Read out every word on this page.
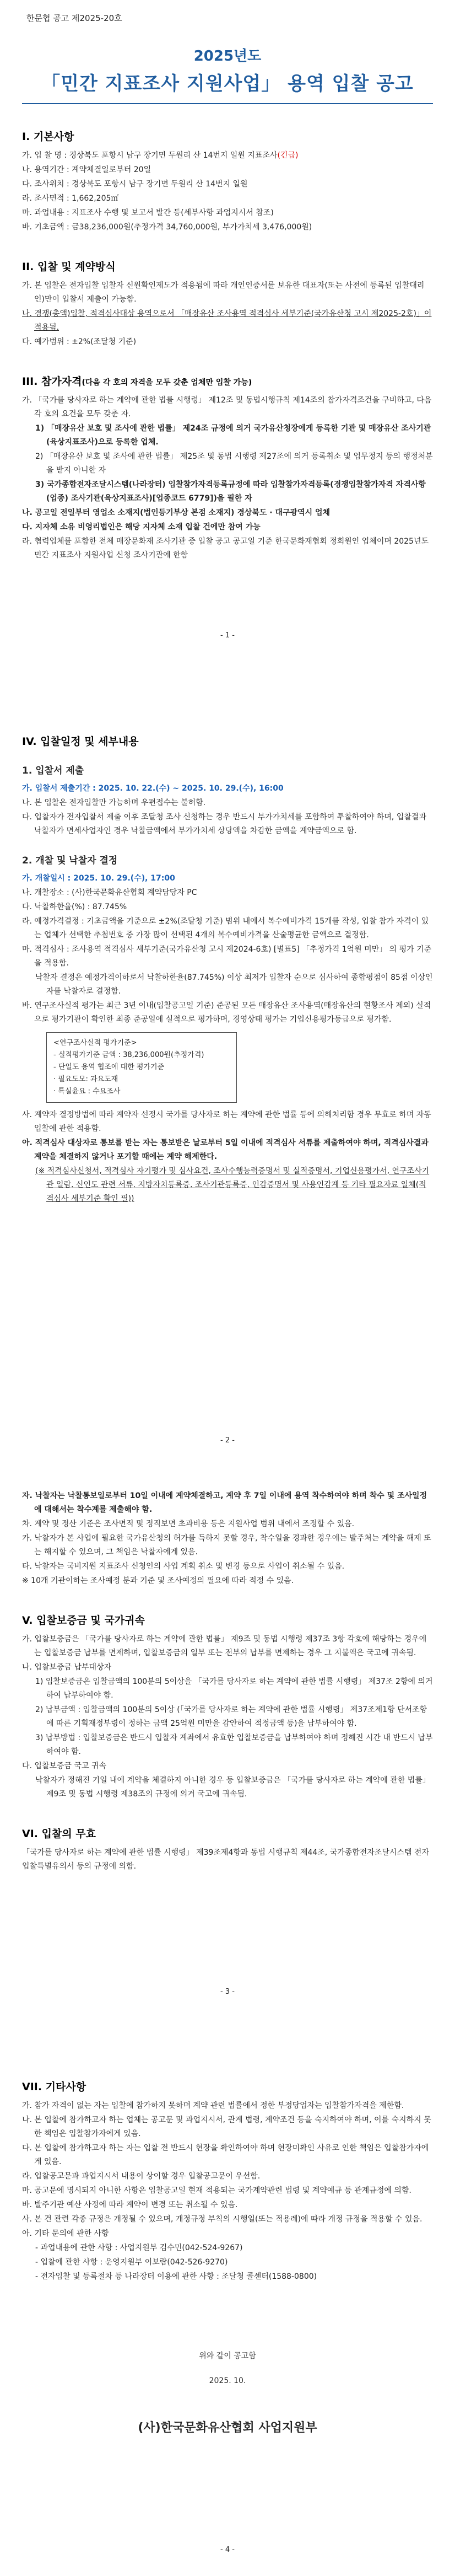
한문협 공고 제2025-20호
2025년도
「민간 지표조사 지원사업」 용역 입찰 공고
I. 기본사항
가. 입 찰 명 : 경상북도 포항시 남구 장기면 두원리 산 14번지 일원 지표조사(긴급)
나. 용역기간 : 계약체결일로부터 20일
다. 조사위치 : 경상북도 포항시 남구 장기면 두원리 산 14번지 일원
라. 조사면적 : 1,662,205㎡
마. 과업내용 : 지표조사 수행 및 보고서 발간 등(세부사항 과업지시서 참조)
바. 기초금액 : 금38,236,000원(추정가격 34,760,000원, 부가가치세 3,476,000원)
II. 입찰 및 계약방식
가. 본 입찰은 전자입찰 입찰자 신원확인제도가 적용됨에 따라 개인인증서를 보유한 대표자(또는 사전에 등록된 입찰대리인)만이 입찰서 제출이 가능함.
나. 경쟁(총액)입찰, 적격심사대상 용역으로서 「매장유산 조사용역 적격심사 세부기준(국가유산청 고시 제2025-2호)」이 적용됨.
다. 예가범위 : ±2%(조달청 기준)
III. 참가자격(다음 각 호의 자격을 모두 갖춘 업체만 입찰 가능)
가. 「국가를 당사자로 하는 계약에 관한 법률 시행령」 제12조 및 동법시행규칙 제14조의 참가자격조건을 구비하고, 다음 각 호의 요건을 모두 갖춘 자.
1) 「매장유산 보호 및 조사에 관한 법률」 제24조 규정에 의거 국가유산청장에게 등록한 기관 및 매장유산 조사기관(육상지표조사)으로 등록한 업체.
2) 「매장유산 보호 및 조사에 관한 법률」 제25조 및 동법 시행령 제27조에 의거 등록취소 및 업무정지 등의 행정처분을 받지 아니한 자
3) 국가종합전자조달시스템(나라장터) 입찰참가자격등록규정에 따라 입찰참가자격등록(경쟁입찰참가자격 자격사항(업종) 조사기관(육상지표조사)[업종코드 6779])을 필한 자
나. 공고일 전일부터 영업소 소재지(법인등기부상 본점 소재지) 경상북도 · 대구광역시 업체
다. 지자체 소유 비영리법인은 해당 지자체 소재 입찰 건에만 참여 가능
라. 협력업체를 포함한 전체 매장문화재 조사기관 중 입찰 공고 공고일 기준 한국문화재협회 정회원인 업체이며 2025년도 민간 지표조사 지원사업 신청 조사기관에 한함
- 1 -
IV. 입찰일정 및 세부내용
1. 입찰서 제출
가. 입찰서 제출기간 : 2025. 10. 22.(수) ~ 2025. 10. 29.(수), 16:00
나. 본 입찰은 전자입찰만 가능하며 우편접수는 불허함.
다. 입찰자가 전자입찰서 제출 이후 조달청 조사 신청하는 경우 반드시 부가가치세를 포함하여 투찰하여야 하며, 입찰결과 낙찰자가 면세사업자인 경우 낙찰금액에서 부가가치세 상당액을 차감한 금액을 계약금액으로 함.
2. 개찰 및 낙찰자 결정
가. 개찰일시 : 2025. 10. 29.(수), 17:00
나. 개찰장소 : (사)한국문화유산협회 계약담당자 PC
다. 낙찰하한율(%) : 87.745%
라. 예정가격결정 : 기초금액을 기준으로 ±2%(조달청 기준) 범위 내에서 복수예비가격 15개를 작성, 입찰 참가 자격이 있는 업체가 선택한 추첨번호 중 가장 많이 선택된 4개의 복수예비가격을 산술평균한 금액으로 결정함.
마. 적격심사 : 조사용역 적격심사 세부기준(국가유산청 고시 제2024-6호) [별표5] 「추정가격 1억원 미만」 의 평가 기준을 적용함.
낙찰자 결정은 예정가격이하로서 낙찰하한율(87.745%) 이상 최저가 입찰자 순으로 심사하여 종합평점이 85점 이상인 자를 낙찰자로 결정함.
바. 연구조사실적 평가는 최근 3년 이내(입찰공고일 기준) 준공된 모든 매장유산 조사용역(매장유산의 현황조사 제외) 실적으로 평가기관이 확인한 최종 준공일에 실적으로 평가하며, 경영상태 평가는 기업신용평가등급으로 평가함.
<연구조사실적 평가기준>
- 실적평가기준 금액 : 38,236,000원(추정가격)
- 단일도 용역 협조에 대한 평가기준
· 필요도모: 과요도재
· 특실윤요 : 수요조사
사. 계약자 결정방법에 따라 계약자 선정시 국가를 당사자로 하는 계약에 관한 법률 등에 의해처리함 경우 무효로 하며 자동입찰에 관한 적용함.
아. 적격심사 대상자로 통보를 받는 자는 통보받은 날로부터 5일 이내에 적격심사 서류를 제출하여야 하며, 적격심사결과 계약을 체결하지 않거나 포기할 때에는 계약 해제한다.
(※ 적격심사신청서, 적격심사 자기평가 및 심사요건, 조사수행능력증명서 및 실적증명서, 기업신용평가서, 연구조사기관 일람, 신인도 관련 서류, 지방자치등록증, 조사기관등록증, 인감증명서 및 사용인감계 등 기타 필요자료 일체(적격심사 세부기준 확인 필))
- 2 -
자. 낙찰자는 낙찰통보일로부터 10일 이내에 계약체결하고, 계약 후 7일 이내에 용역 착수하여야 하며 착수 및 조사일정에 대해서는 착수계를 제출해야 함.
차. 계약 및 정산 기준은 조사면적 및 정직보면 초과비용 등은 지원사업 범위 내에서 조정할 수 있음.
카. 낙찰자가 본 사업에 필요한 국가유산청의 허가를 득하지 못할 경우, 착수일을 경과한 경우에는 발주처는 계약을 해제 또는 해지할 수 있으며, 그 책임은 낙찰자에게 있음.
타. 낙찰자는 국비지원 지표조사 신청인의 사업 계획 취소 및 변경 등으로 사업이 취소될 수 있음.
※ 10개 기관이하는 조사예정 분과 기준 및 조사예정의 필요에 따라 적정 수 있음.
V. 입찰보증금 및 국가귀속
가. 입찰보증금은 「국가를 당사자로 하는 계약에 관한 법률」 제9조 및 동법 시행령 제37조 3항 각호에 해당하는 경우에는 입찰보증금 납부를 면제하며, 입찰보증금의 일부 또는 전부의 납부를 면제하는 경우 그 지불액은 국고에 귀속됨.
나. 입찰보증금 납부대상자
1) 입찰보증금은 입찰금액의 100분의 5이상을 「국가를 당사자로 하는 계약에 관한 법률 시행령」 제37조 2항에 의거하여 납부하여야 함.
2) 납부금액 : 입찰금액의 100분의 5이상 (「국가를 당사자로 하는 계약에 관한 법률 시행령」 제37조제1항 단서조항에 따른 기획재정부령이 정하는 금액 25억원 미만을 감안하여 적정금액 등)을 납부하여야 함.
3) 납부방법 : 입찰보증금은 반드시 입찰자 계좌에서 유효한 입찰보증금을 납부하여야 하며 정해진 시간 내 반드시 납부하여야 함.
다. 입찰보증금 국고 귀속
낙찰자가 정해진 기일 내에 계약을 체결하지 아니한 경우 등 입찰보증금은 「국가를 당사자로 하는 계약에 관한 법률」 제9조 및 동법 시행령 제38조의 규정에 의거 국고에 귀속됨.
VI. 입찰의 무효
「국가를 당사자로 하는 계약에 관한 법률 시행령」 제39조제4항과 동법 시행규칙 제44조, 국가종합전자조달시스템 전자입찰특별유의서 등의 규정에 의함.
- 3 -
VII. 기타사항
가. 참가 자격이 없는 자는 입찰에 참가하지 못하며 계약 관련 법률에서 정한 부정당업자는 입찰참가자격을 제한함.
나. 본 입찰에 참가하고자 하는 업체는 공고문 및 과업지시서, 관계 법령, 계약조건 등을 숙지하여야 하며, 이를 숙지하지 못한 책임은 입찰참가자에게 있음.
다. 본 입찰에 참가하고자 하는 자는 입찰 전 반드시 현장을 확인하여야 하며 현장미확인 사유로 인한 책임은 입찰참가자에게 있음.
라. 입찰공고문과 과업지시서 내용이 상이할 경우 입찰공고문이 우선함.
마. 공고문에 명시되지 아니한 사항은 입찰공고일 현재 적용되는 국가계약관련 법령 및 계약예규 등 관계규정에 의함.
바. 발주기관 예산 사정에 따라 계약이 변경 또는 취소될 수 있음.
사. 본 건 관련 각종 규정은 개정될 수 있으며, 개정규정 부칙의 시행일(또는 적용례)에 따라 개정 규정을 적용할 수 있음.
아. 기타 문의에 관한 사항
- 과업내용에 관한 사항 : 사업지원부 김수민(042-524-9267)
- 입찰에 관한 사항 : 운영지원부 이보람(042-526-9270)
- 전자입찰 및 등록절차 등 나라장터 이용에 관한 사항 : 조달청 콜센터(1588-0800)
위와 같이 공고함
2025. 10.
(사)한국문화유산협회 사업지원부
- 4 -
